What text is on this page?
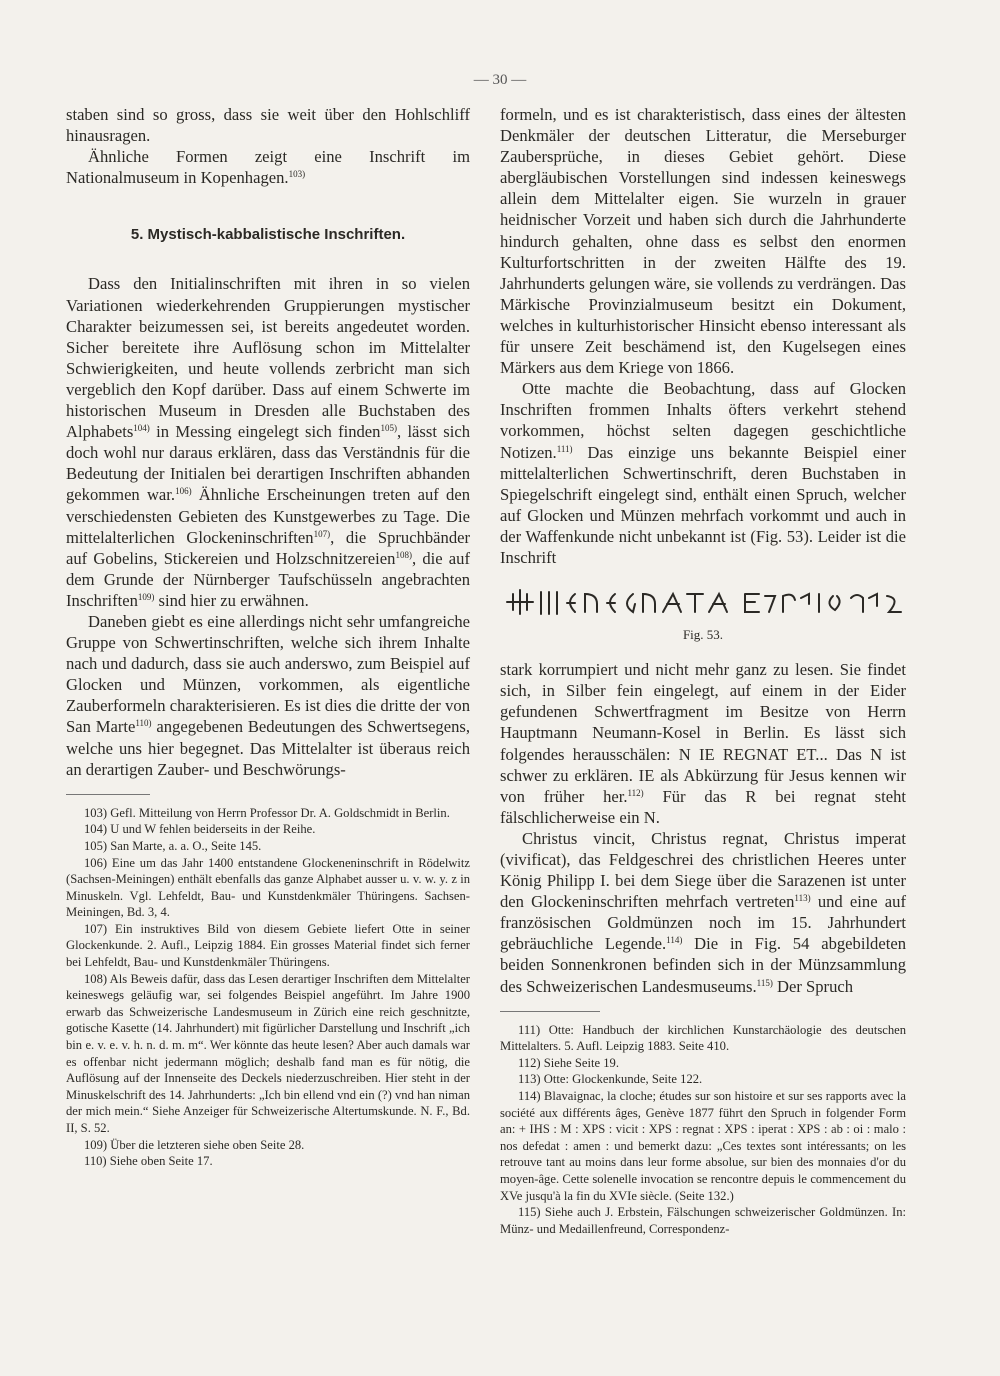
— 30 —

staben sind so gross, dass sie weit über den Hohlschliff hinausragen.

Ähnliche Formen zeigt eine Inschrift im Nationalmuseum in Kopenhagen.$^{103)}$

5. Mystisch-kabbalistische Inschriften.

Dass den Initialinschriften mit ihren in so vielen Variationen wiederkehrenden Gruppierungen mystischer Charakter beizumessen sei, ist bereits angedeutet worden. Sicher bereitete ihre Auflösung schon im Mittelalter Schwierigkeiten, und heute vollends zerbricht man sich vergeblich den Kopf darüber. Dass auf einem Schwerte im historischen Museum in Dresden alle Buchstaben des Alphabets$^{104)}$ in Messing eingelegt sich finden$^{105)}$, lässt sich doch wohl nur daraus erklären, dass das Verständnis für die Bedeutung der Initialen bei derartigen Inschriften abhanden gekommen war.$^{106)}$ Ähnliche Erscheinungen treten auf den verschiedensten Gebieten des Kunstgewerbes zu Tage. Die mittelalterlichen Glockeninschriften$^{107)}$, die Spruchbänder auf Gobelins, Stickereien und Holzschnitzereien$^{108)}$, die auf dem Grunde der Nürnberger Taufschüsseln angebrachten Inschriften$^{109)}$ sind hier zu erwähnen.

Daneben giebt es eine allerdings nicht sehr umfangreiche Gruppe von Schwertinschriften, welche sich ihrem Inhalte nach und dadurch, dass sie auch anderswo, zum Beispiel auf Glocken und Münzen, vorkommen, als eigentliche Zauberformeln charakterisieren. Es ist dies die dritte der von San Marte$^{110)}$ angegebenen Bedeutungen des Schwertsegens, welche uns hier begegnet. Das Mittelalter ist überaus reich an derartigen Zauber- und Beschwörungs-

103) Gefl. Mitteilung von Herrn Professor Dr. A. Goldschmidt in Berlin.

104) U und W fehlen beiderseits in der Reihe.

105) San Marte, a. a. O., Seite 145.

106) Eine um das Jahr 1400 entstandene Glockeneninschrift in Rödelwitz (Sachsen-Meiningen) enthält ebenfalls das ganze Alphabet ausser u. v. w. y. z in Minuskeln. Vgl. Lehfeldt, Bau- und Kunstdenkmäler Thüringens. Sachsen-Meiningen, Bd. 3, 4.

107) Ein instruktives Bild von diesem Gebiete liefert Otte in seiner Glockenkunde. 2. Aufl., Leipzig 1884. Ein grosses Material findet sich ferner bei Lehfeldt, Bau- und Kunstdenkmäler Thüringens.

108) Als Beweis dafür, dass das Lesen derartiger Inschriften dem Mittelalter keineswegs geläufig war, sei folgendes Beispiel angeführt. Im Jahre 1900 erwarb das Schweizerische Landesmuseum in Zürich eine reich geschnitzte, gotische Kasette (14. Jahrhundert) mit figürlicher Darstellung und Inschrift „ich bin e. v. e. v. h. n. d. m. m“. Wer könnte das heute lesen? Aber auch damals war es offenbar nicht jedermann möglich; deshalb fand man es für nötig, die Auflösung auf der Innenseite des Deckels niederzuschreiben. Hier steht in der Minuskelschrift des 14. Jahrhunderts: „Ich bin ellend vnd ein (?) vnd han niman der mich mein.“ Siehe Anzeiger für Schweizerische Altertumskunde. N. F., Bd. II, S. 52.

109) Über die letzteren siehe oben Seite 28.

110) Siehe oben Seite 17.

formeln, und es ist charakteristisch, dass eines der ältesten Denkmäler der deutschen Litteratur, die Merseburger Zaubersprüche, in dieses Gebiet gehört. Diese abergläubischen Vorstellungen sind indessen keineswegs allein dem Mittelalter eigen. Sie wurzeln in grauer heidnischer Vorzeit und haben sich durch die Jahrhunderte hindurch gehalten, ohne dass es selbst den enormen Kulturfortschritten in der zweiten Hälfte des 19. Jahrhunderts gelungen wäre, sie vollends zu verdrängen. Das Märkische Provinzialmuseum besitzt ein Dokument, welches in kulturhistorischer Hinsicht ebenso interessant als für unsere Zeit beschämend ist, den Kugelsegen eines Märkers aus dem Kriege von 1866.

Otte machte die Beobachtung, dass auf Glocken Inschriften frommen Inhalts öfters verkehrt stehend vorkommen, höchst selten dagegen geschichtliche Notizen.$^{111)}$ Das einzige uns bekannte Beispiel einer mittelalterlichen Schwertinschrift, deren Buchstaben in Spiegelschrift eingelegt sind, enthält einen Spruch, welcher auf Glocken und Münzen mehrfach vorkommt und auch in der Waffenkunde nicht unbekannt ist (Fig. 53). Leider ist die Inschrift

Fig. 53.

stark korrumpiert und nicht mehr ganz zu lesen. Sie findet sich, in Silber fein eingelegt, auf einem in der Eider gefundenen Schwertfragment im Besitze von Herrn Hauptmann Neumann-Kosel in Berlin. Es lässt sich folgendes herausschälen: N IE REGNAT ET... Das N ist schwer zu erklären. IE als Abkürzung für Jesus kennen wir von früher her.$^{112)}$ Für das R bei regnat steht fälschlicherweise ein N.

Christus vincit, Christus regnat, Christus imperat (vivificat), das Feldgeschrei des christlichen Heeres unter König Philipp I. bei dem Siege über die Sarazenen ist unter den Glockeninschriften mehrfach vertreten$^{113)}$ und eine auf französischen Goldmünzen noch im 15. Jahrhundert gebräuchliche Legende.$^{114)}$ Die in Fig. 54 abgebildeten beiden Sonnenkronen befinden sich in der Münzsammlung des Schweizerischen Landesmuseums.$^{115)}$ Der Spruch

111) Otte: Handbuch der kirchlichen Kunstarchäologie des deutschen Mittelalters. 5. Aufl. Leipzig 1883. Seite 410.

112) Siehe Seite 19.

113) Otte: Glockenkunde, Seite 122.

114) Blavaignac, la cloche; études sur son histoire et sur ses rapports avec la société aux différents âges, Genève 1877 führt den Spruch in folgender Form an: + IHS : M : XPS : vicit : XPS : regnat : XPS : iperat : XPS : ab : oi : malo : nos defedat : amen : und bemerkt dazu: „Ces textes sont intéressants; on les retrouve tant au moins dans leur forme absolue, sur bien des monnaies d'or du moyen-âge. Cette solenelle invocation se rencontre depuis le commencement du XVe jusqu'à la fin du XVIe siècle. (Seite 132.)

115) Siehe auch J. Erbstein, Fälschungen schweizerischer Goldmünzen. In: Münz- und Medaillenfreund, Correspondenz-
